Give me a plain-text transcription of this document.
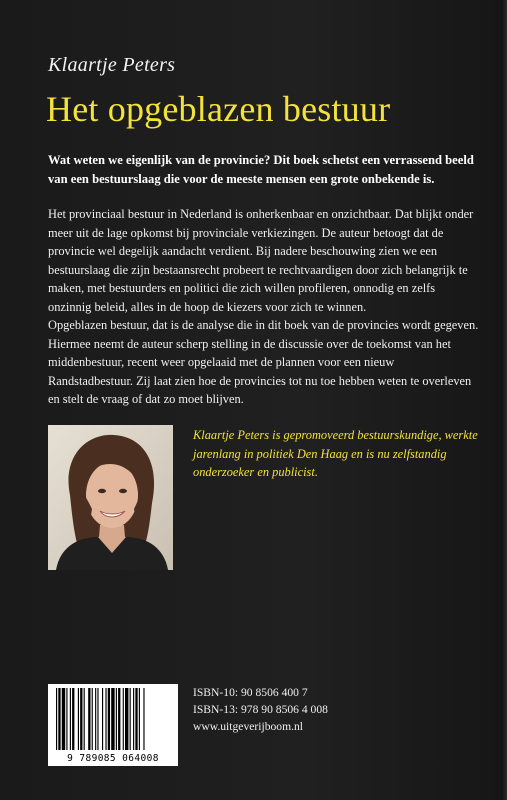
Klaartje Peters
Het opgeblazen bestuur
Wat weten we eigenlijk van de provincie? Dit boek schetst een verrassend beeld van een bestuurslaag die voor de meeste mensen een grote onbekende is.
Het provinciaal bestuur in Nederland is onherkenbaar en onzichtbaar. Dat blijkt onder meer uit de lage opkomst bij provinciale verkiezingen. De auteur betoogt dat de provincie wel degelijk aandacht verdient. Bij nadere beschouwing zien we een bestuurslaag die zijn bestaansrecht probeert te rechtvaardigen door zich belangrijk te maken, met bestuurders en politici die zich willen profileren, onnodig en zelfs onzinnig beleid, alles in de hoop de kiezers voor zich te winnen.
Opgeblazen bestuur, dat is de analyse die in dit boek van de provincies wordt gegeven. Hiermee neemt de auteur scherp stelling in de discussie over de toekomst van het middenbestuur, recent weer opgelaaid met de plannen voor een nieuw Randstadbestuur. Zij laat zien hoe de provincies tot nu toe hebben weten te overleven en stelt de vraag of dat zo moet blijven.
Klaartje Peters is gepromoveerd bestuurskundige, werkte jarenlang in politiek Den Haag en is nu zelfstandig onderzoeker en publicist.
9 789085 064008
ISBN-10: 90 8506 400 7
ISBN-13: 978 90 8506 4 008
www.uitgeverijboom.nl
